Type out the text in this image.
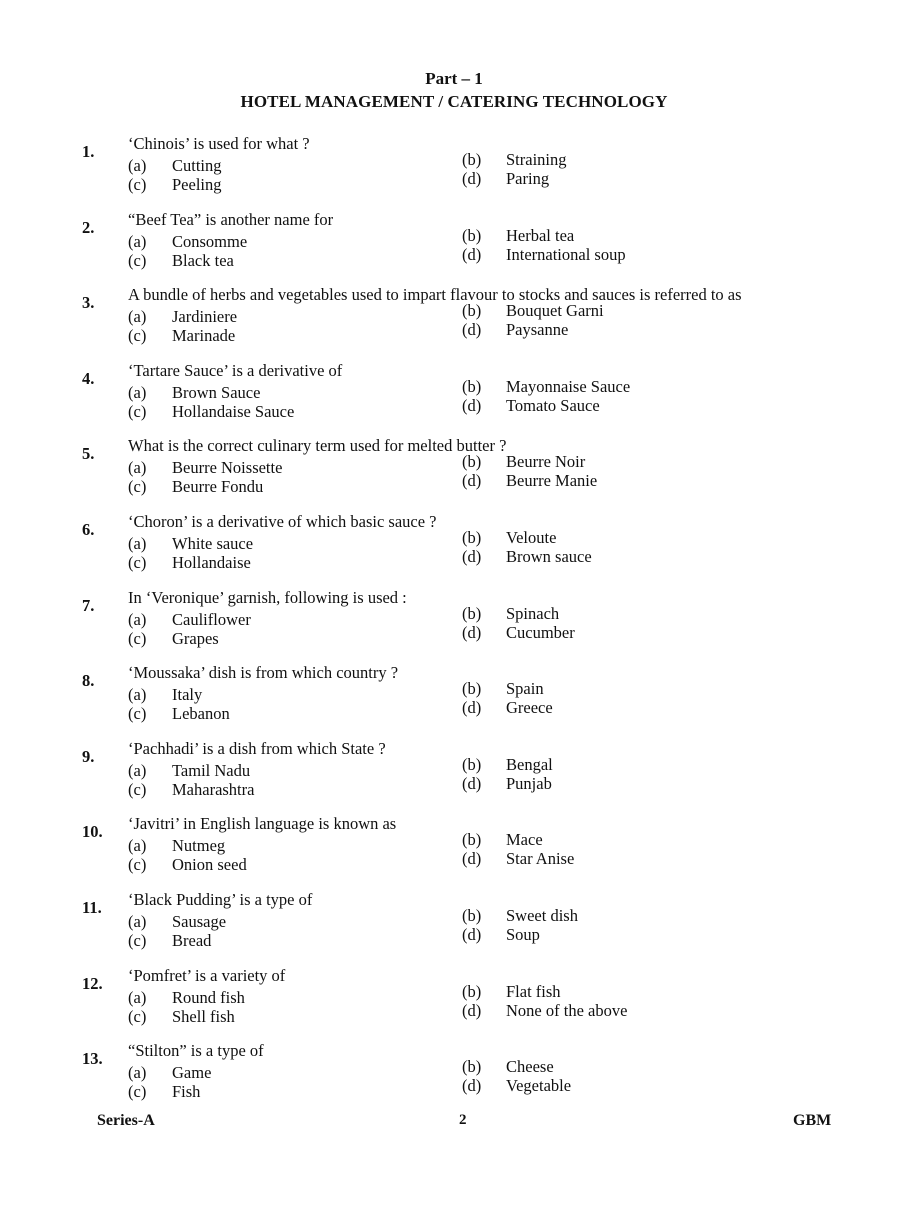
Part – 1
HOTEL MANAGEMENT / CATERING TECHNOLOGY
1.	‘Chinois’ is used for what ?
(a) Cutting	(b) Straining
(c) Peeling	(d) Paring
2.	“Beef Tea” is another name for
(a) Consomme	(b) Herbal tea
(c) Black tea	(d) International soup
3.	A bundle of herbs and vegetables used to impart flavour to stocks and sauces is referred to as
(a) Jardiniere	(b) Bouquet Garni
(c) Marinade	(d) Paysanne
4.	‘Tartare Sauce’ is a derivative of
(a) Brown Sauce	(b) Mayonnaise Sauce
(c) Hollandaise Sauce	(d) Tomato Sauce
5.	What is the correct culinary term used for melted butter ?
(a) Beurre Noissette	(b) Beurre Noir
(c) Beurre Fondu	(d) Beurre Manie
6.	‘Choron’ is a derivative of which basic sauce ?
(a) White sauce	(b) Veloute
(c) Hollandaise	(d) Brown sauce
7.	In ‘Veronique’ garnish, following is used :
(a) Cauliflower	(b) Spinach
(c) Grapes	(d) Cucumber
8.	‘Moussaka’ dish is from which country ?
(a) Italy	(b) Spain
(c) Lebanon	(d) Greece
9.	‘Pachhadi’ is a dish from which State ?
(a) Tamil Nadu	(b) Bengal
(c) Maharashtra	(d) Punjab
10.	‘Javitri’ in English language is known as
(a) Nutmeg	(b) Mace
(c) Onion seed	(d) Star Anise
11.	‘Black Pudding’ is a type of
(a) Sausage	(b) Sweet dish
(c) Bread	(d) Soup
12.	‘Pomfret’ is a variety of
(a) Round fish	(b) Flat fish
(c) Shell fish	(d) None of the above
13.	“Stilton” is a type of
(a) Game	(b) Cheese
(c) Fish	(d) Vegetable
Series-A	2	GBM
